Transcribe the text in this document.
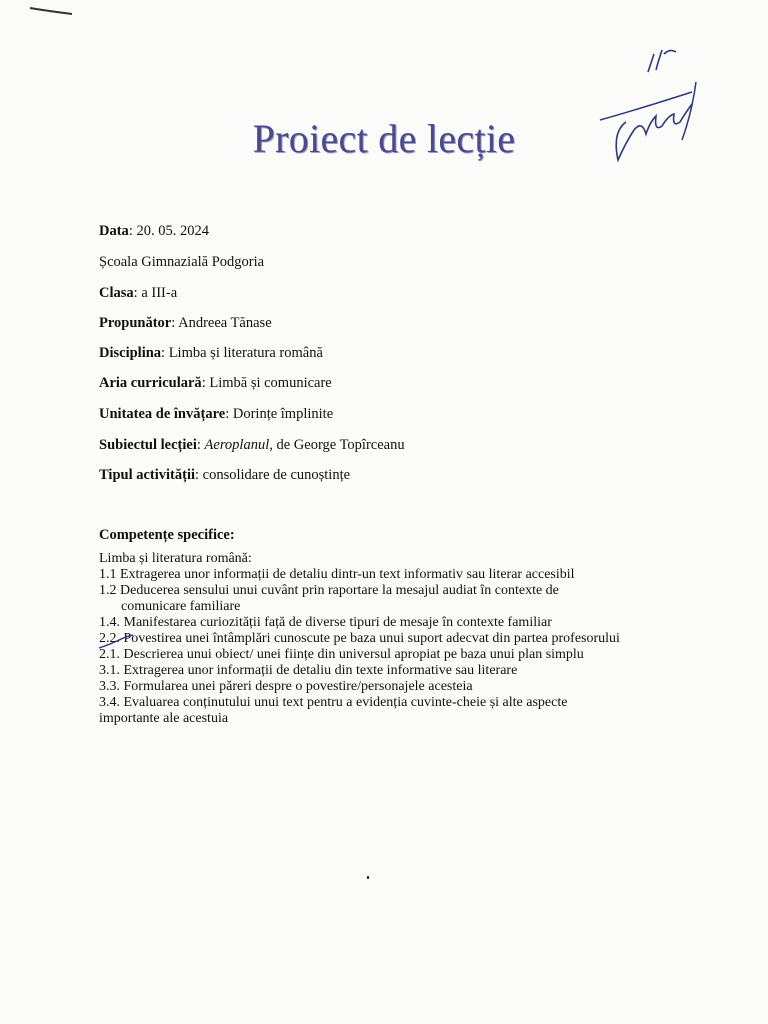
Proiect de lecție
Data: 20. 05. 2024
Școala Gimnazială Podgoria
Clasa: a III-a
Propunător: Andreea Tănase
Disciplina: Limba și literatura română
Aria curriculară: Limbă și comunicare
Unitatea de învățare: Dorințe împlinite
Subiectul lecției: Aeroplanul, de George Topîrceanu
Tipul activității: consolidare de cunoștințe
Competențe specifice:
Limba și literatura română:
1.1 Extragerea unor informații de detaliu dintr-un text informativ sau literar accesibil
1.2 Deducerea sensului unui cuvânt prin raportare la mesajul audiat în contexte de
comunicare familiare
1.4. Manifestarea curiozității față de diverse tipuri de mesaje în contexte familiar
2.2. Povestirea unei întâmplări cunoscute pe baza unui suport adecvat din partea profesorului
2.1. Descrierea unui obiect/ unei ființe din universul apropiat pe baza unui plan simplu
3.1. Extragerea unor informații de detaliu din texte informative sau literare
3.3. Formularea unei păreri despre o povestire/personajele acesteia
3.4. Evaluarea conținutului unui text pentru a evidenția cuvinte-cheie și alte aspecte
importante ale acestuia
